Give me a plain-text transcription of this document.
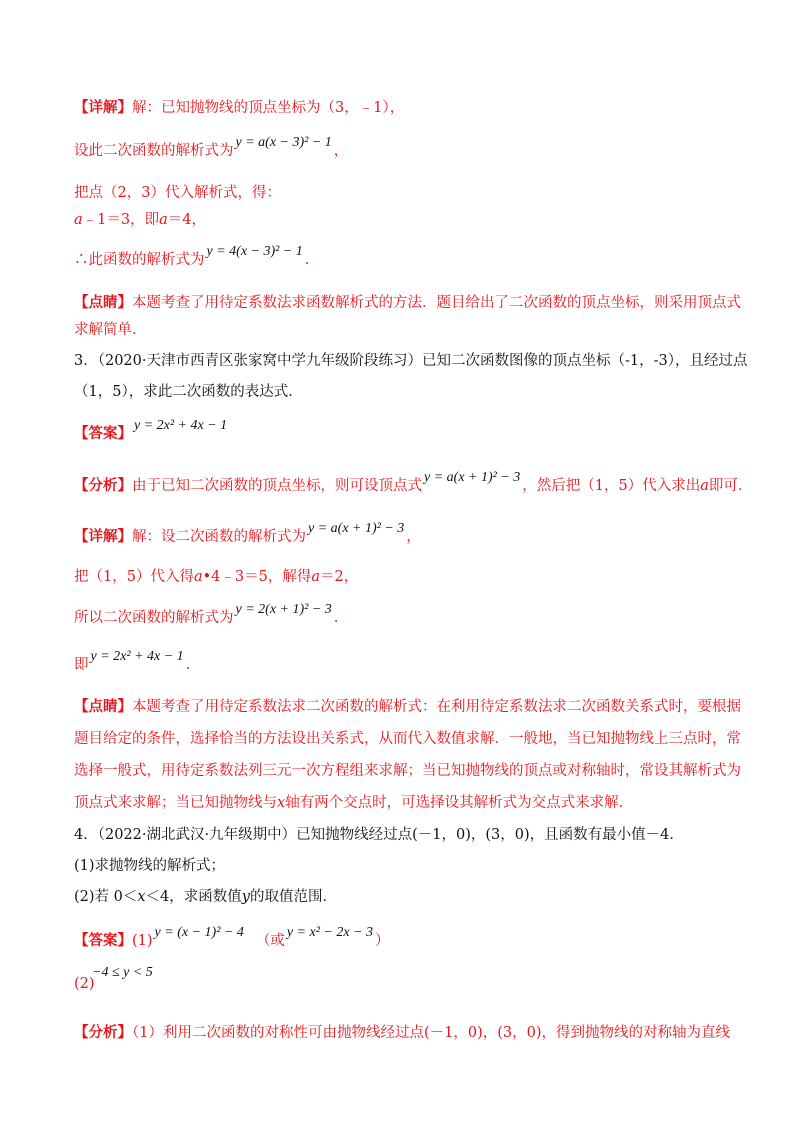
【详解】解：已知抛物线的顶点坐标为（3，﹣1），
设此二次函数的解析式为y = a(x − 3)² − 1，
把点（2，3）代入解析式，得：
a﹣1＝3，即a＝4，
∴此函数的解析式为y = 4(x − 3)² − 1.
【点睛】本题考查了用待定系数法求函数解析式的方法．题目给出了二次函数的顶点坐标，则采用顶点式
求解简单．
3．（2020·天津市西青区张家窝中学九年级阶段练习）已知二次函数图像的顶点坐标（-1，-3），且经过点
（1，5），求此二次函数的表达式．
【答案】 y = 2x² + 4x − 1
【分析】由于已知二次函数的顶点坐标，则可设顶点式y = a(x + 1)² − 3，然后把（1，5）代入求出a即可．
【详解】解：设二次函数的解析式为y = a(x + 1)² − 3，
把（1，5）代入得a•4﹣3＝5，解得a＝2，
所以二次函数的解析式为y = 2(x + 1)² − 3.
即y = 2x² + 4x − 1.
【点睛】本题考查了用待定系数法求二次函数的解析式：在利用待定系数法求二次函数关系式时，要根据
题目给定的条件，选择恰当的方法设出关系式，从而代入数值求解．一般地，当已知抛物线上三点时，常
选择一般式，用待定系数法列三元一次方程组来求解；当已知抛物线的顶点或对称轴时，常设其解析式为
顶点式来求解；当已知抛物线与x轴有两个交点时，可选择设其解析式为交点式来求解．
4．（2022·湖北武汉·九年级期中）已知抛物线经过点(－1，0)，(3，0)，且函数有最小值－4．
(1)求抛物线的解析式；
(2)若 0＜x＜4，求函数值y的取值范围．
【答案】(1)y = (x − 1)² − 4（或y = x² − 2x − 3）
−4 ≤ y < 5
(2)
【分析】（1）利用二次函数的对称性可由抛物线经过点(－1，0)，(3，0)，得到抛物线的对称轴为直线
